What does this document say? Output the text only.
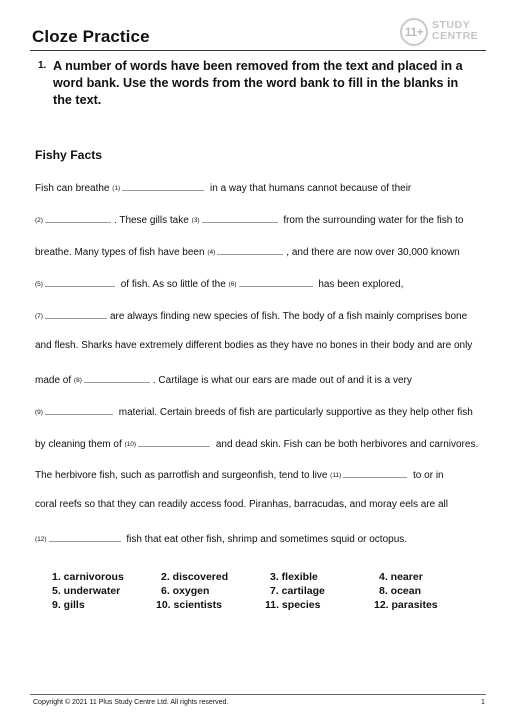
Cloze Practice	11+ STUDY
CENTRE
1. A number of words have been removed from the text and placed in a word bank. Use the words from the word bank to fill in the blanks in the text.
Fishy Facts
Fish can breathe (1)	in a way that humans cannot because of their
(2)	. These gills take (3)	from the surrounding water for the fish to
breathe. Many types of fish have been (4)	, and there are now over 30,000 known
(5)	of fish. As so little of the (6)	has been explored,
(7)	are always finding new species of fish. The body of a fish mainly comprises bone
and flesh. Sharks have extremely different bodies as they have no bones in their body and are only
made of (8)	. Cartilage is what our ears are made out of and it is a very
(9)	material. Certain breeds of fish are particularly supportive as they help other fish
by cleaning them of (10)	and dead skin. Fish can be both herbivores and carnivores.
The herbivore fish, such as parrotfish and surgeonfish, tend to live (11)	to or in
coral reefs so that they can readily access food. Piranhas, barracudas, and moray eels are all
(12)	fish that eat other fish, shrimp and sometimes squid or octopus.
1. carnivorous	2. discovered	3. flexible	4. nearer
5. underwater	6. oxygen	7. cartilage	8. ocean
9. gills	10. scientists	11. species	12. parasites
Copyright © 2021 11 Plus Study Centre Ltd. All rights reserved.	1
